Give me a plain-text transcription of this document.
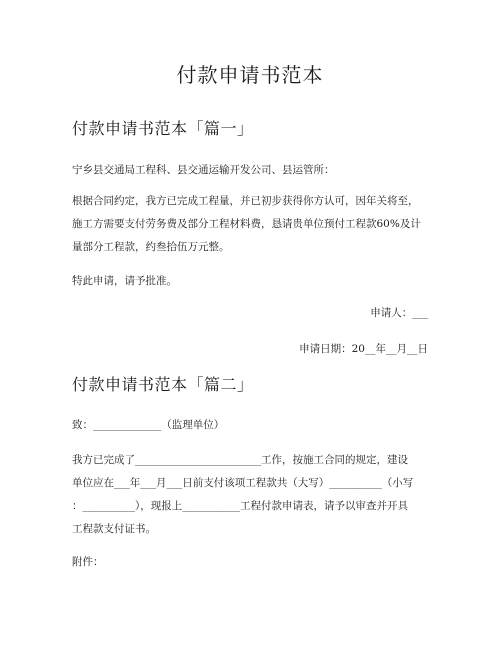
付款申请书范本
付款申请书范本「篇一」
宁乡县交通局工程科、县交通运输开发公司、县运管所：
根据合同约定，我方已完成工程量，并已初步获得你方认可，因年关将至，
施工方需要支付劳务费及部分工程材料费，恳请贵单位预付工程款60%及计
量部分工程款，约叁拾伍万元整。
特此申请，请予批准。
申请人：___
申请日期：20__年__月__日
付款申请书范本「篇二」
致：_____________（监理单位）
我方已完成了________________________工作，按施工合同的规定，建设
单位应在___年___月___日前支付该项工程款共（大写）__________（小写
：__________），现报上___________工程付款申请表，请予以审查并开具
工程款支付证书。
附件：
